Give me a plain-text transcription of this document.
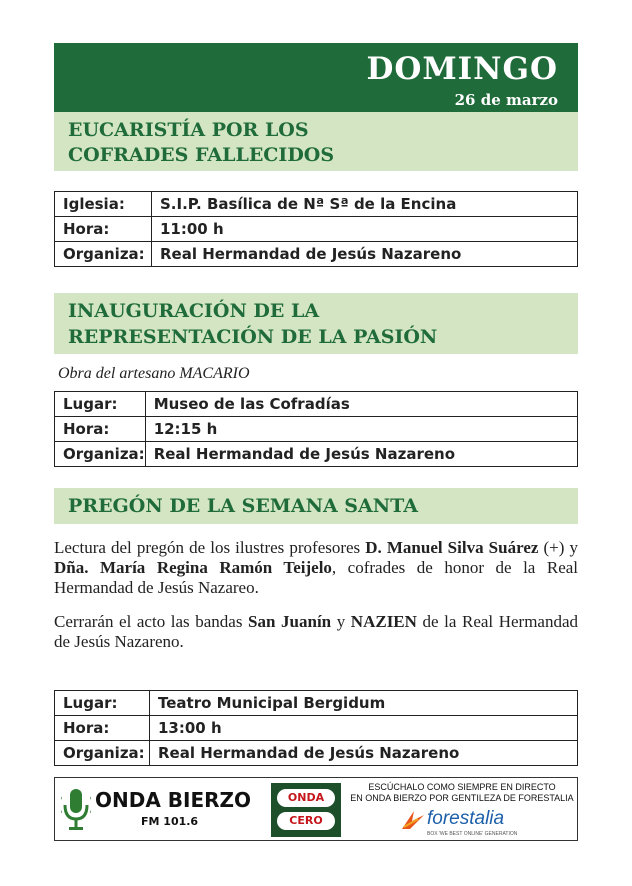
DOMINGO
26 de marzo
EUCARISTÍA POR LOS
COFRADES FALLECIDOS
Iglesia:	S.I.P. Basílica de Nª Sª de la Encina
Hora:	11:00 h
Organiza:	Real Hermandad de Jesús Nazareno
INAUGURACIÓN DE LA
REPRESENTACIÓN DE LA PASIÓN
Obra del artesano MACARIO
Lugar:	Museo de las Cofradías
Hora:	12:15 h
Organiza:	Real Hermandad de Jesús Nazareno
PREGÓN DE LA SEMANA SANTA
Lectura del pregón de los ilustres profesores D. Manuel Silva Suárez (+) y Dña. María Regina Ramón Teijelo, cofrades de honor de la Real Hermandad de Jesús Nazareo.
Cerrarán el acto las bandas San Juanín y NAZIEN de la Real Hermandad de Jesús Nazareno.
Lugar:	Teatro Municipal Bergidum
Hora:	13:00 h
Organiza:	Real Hermandad de Jesús Nazareno
ONDA BIERZO
FM 101.6
ONDA
CERO
ESCÚCHALO COMO SIEMPRE EN DIRECTO
EN ONDA BIERZO POR GENTILEZA DE FORESTALIA
forestalia
BOX 'WE BEST ONLINE' GENERATION
